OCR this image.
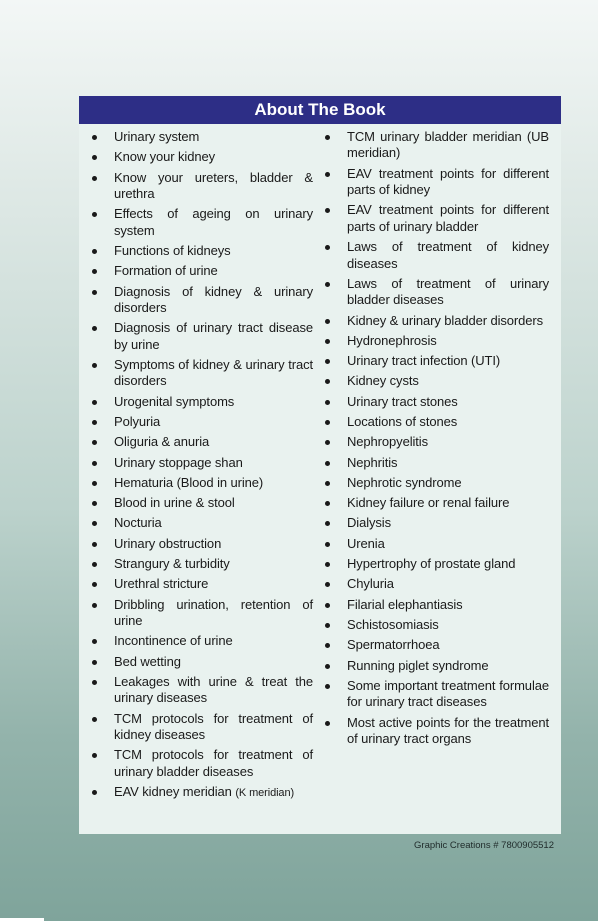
About The Book
Urinary system
Know your kidney
Know your ureters, bladder & urethra
Effects of ageing on urinary system
Functions of kidneys
Formation of urine
Diagnosis of kidney & urinary disorders
Diagnosis of urinary tract disease by urine
Symptoms of kidney & urinary tract disorders
Urogenital symptoms
Polyuria
Oliguria & anuria
Urinary stoppage shan
Hematuria (Blood in urine)
Blood in urine & stool
Nocturia
Urinary obstruction
Strangury & turbidity
Urethral stricture
Dribbling urination, retention of urine
Incontinence of urine
Bed wetting
Leakages with urine & treat the urinary diseases
TCM protocols for treatment of kidney diseases
TCM protocols for treatment of urinary bladder diseases
EAV kidney meridian (K meridian)
TCM urinary bladder meridian (UB meridian)
EAV treatment points for different parts of kidney
EAV treatment points for different parts of urinary bladder
Laws of treatment of kidney diseases
Laws of treatment of urinary bladder diseases
Kidney & urinary bladder disorders
Hydronephrosis
Urinary tract infection (UTI)
Kidney cysts
Urinary tract stones
Locations of stones
Nephropyelitis
Nephritis
Nephrotic syndrome
Kidney failure or renal failure
Dialysis
Urenia
Hypertrophy of prostate gland
Chyluria
Filarial elephantiasis
Schistosomiasis
Spermatorrhoea
Running piglet syndrome
Some important treatment formulae for urinary tract diseases
Most active points for the treatment of urinary tract organs
Graphic Creations # 7800905512
